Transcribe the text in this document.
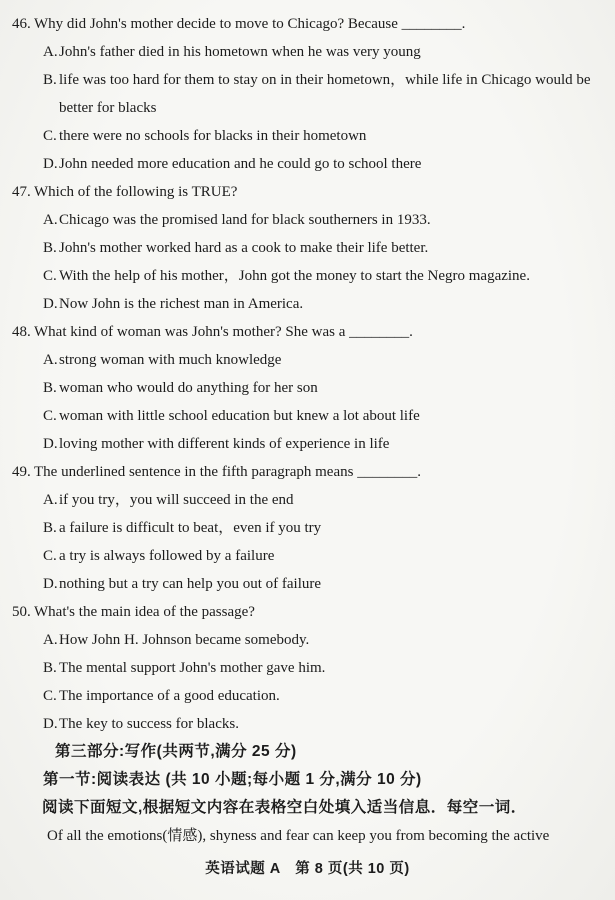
46. Why did John's mother decide to move to Chicago? Because ________.
A. John's father died in his hometown when he was very young
B. life was too hard for them to stay on in their hometown，while life in Chicago would be better for blacks
C. there were no schools for blacks in their hometown
D. John needed more education and he could go to school there
47. Which of the following is TRUE?
A. Chicago was the promised land for black southerners in 1933.
B. John's mother worked hard as a cook to make their life better.
C. With the help of his mother，John got the money to start the Negro magazine.
D. Now John is the richest man in America.
48. What kind of woman was John's mother? She was a ________.
A. strong woman with much knowledge
B. woman who would do anything for her son
C. woman with little school education but knew a lot about life
D. loving mother with different kinds of experience in life
49. The underlined sentence in the fifth paragraph means ________.
A. if you try，you will succeed in the end
B. a failure is difficult to beat，even if you try
C. a try is always followed by a failure
D. nothing but a try can help you out of failure
50. What's the main idea of the passage?
A. How John H. Johnson became somebody.
B. The mental support John's mother gave him.
C. The importance of a good education.
D. The key to success for blacks.
第三部分:写作(共两节,满分 25 分)
第一节:阅读表达 (共 10 小题;每小题 1 分,满分 10 分)
阅读下面短文,根据短文内容在表格空白处填入适当信息．每空一词．
Of all the emotions(情感), shyness and fear can keep you from becoming the active
英语试题 A　第 8 页(共 10 页)
